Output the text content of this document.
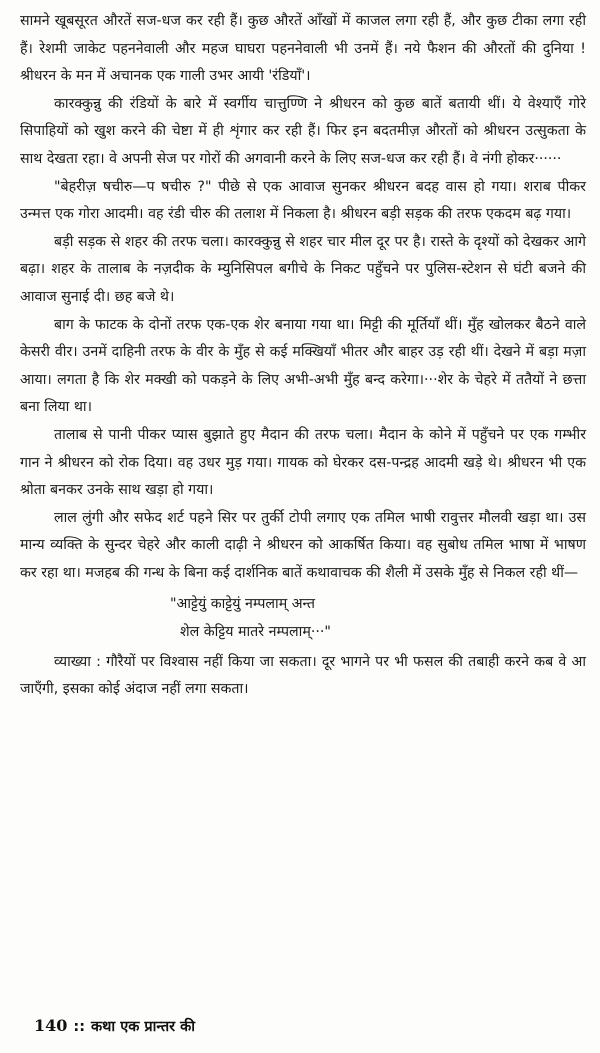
सामने खूबसूरत औरतें सज-धज कर रही हैं। कुछ औरतें आँखों में काजल लगा रही हैं, और कुछ टीका लगा रही हैं। रेशमी जाकेट पहननेवाली और महज घाघरा पहननेवाली भी उनमें हैं। नये फैशन की औरतों की दुनिया ! श्रीधरन के मन में अचानक एक गाली उभर आयी 'रंडियाँ'।

कारक्कुन्नु की रंडियों के बारे में स्वर्गीय चात्तुण्णि ने श्रीधरन को कुछ बातें बतायी थीं। ये वेश्याएँ गोरे सिपाहियों को खुश करने की चेष्टा में ही शृंगार कर रही हैं। फिर इन बदतमीज़ औरतों को श्रीधरन उत्सुकता के साथ देखता रहा। वे अपनी सेज पर गोरों की अगवानी करने के लिए सज-धज कर रही हैं। वे नंगी होकर······

"बेहरीज़ षचीरु—प षचीरु ?" पीछे से एक आवाज सुनकर श्रीधरन बदह वास हो गया। शराब पीकर उन्मत्त एक गोरा आदमी। वह रंडी चीरु की तलाश में निकला है। श्रीधरन बड़ी सड़क की तरफ एकदम बढ़ गया।

बड़ी सड़क से शहर की तरफ चला। कारक्कुन्नु से शहर चार मील दूर पर है। रास्ते के दृश्यों को देखकर आगे बढ़ा। शहर के तालाब के नज़दीक के म्युनिसिपल बगीचे के निकट पहुँचने पर पुलिस-स्टेशन से घंटी बजने की आवाज सुनाई दी। छह बजे थे।

बाग के फाटक के दोनों तरफ एक-एक शेर बनाया गया था। मिट्टी की मूर्तियाँ थीं। मुँह खोलकर बैठने वाले केसरी वीर। उनमें दाहिनी तरफ के वीर के मुँह से कई मक्खियाँ भीतर और बाहर उड़ रही थीं। देखने में बड़ा मज़ा आया। लगता है कि शेर मक्खी को पकड़ने के लिए अभी-अभी मुँह बन्द करेगा।···शेर के चेहरे में ततैयों ने छत्ता बना लिया था।

तालाब से पानी पीकर प्यास बुझाते हुए मैदान की तरफ चला। मैदान के कोने में पहुँचने पर एक गम्भीर गान ने श्रीधरन को रोक दिया। वह उधर मुड़ गया। गायक को घेरकर दस-पन्द्रह आदमी खड़े थे। श्रीधरन भी एक श्रोता बनकर उनके साथ खड़ा हो गया।

लाल लुंगी और सफेद शर्ट पहने सिर पर तुर्की टोपी लगाए एक तमिल भाषी रावुत्तर मौलवी खड़ा था। उस मान्य व्यक्ति के सुन्दर चेहरे और काली दाढ़ी ने श्रीधरन को आकर्षित किया। वह सुबोध तमिल भाषा में भाषण कर रहा था। मजहब की गन्ध के बिना कई दार्शनिक बातें कथावाचक की शैली में उसके मुँह से निकल रही थीं—

"आट्टेयुं काट्टेयुं नम्पलाम् अन्त
शेल केट्टिय मातरे नम्पलाम्···"

व्याख्या : गौरैयों पर विश्वास नहीं किया जा सकता। दूर भागने पर भी फसल की तबाही करने कब वे आ जाएँगी, इसका कोई अंदाज नहीं लगा सकता।

140 :: कथा एक प्रान्तर की
